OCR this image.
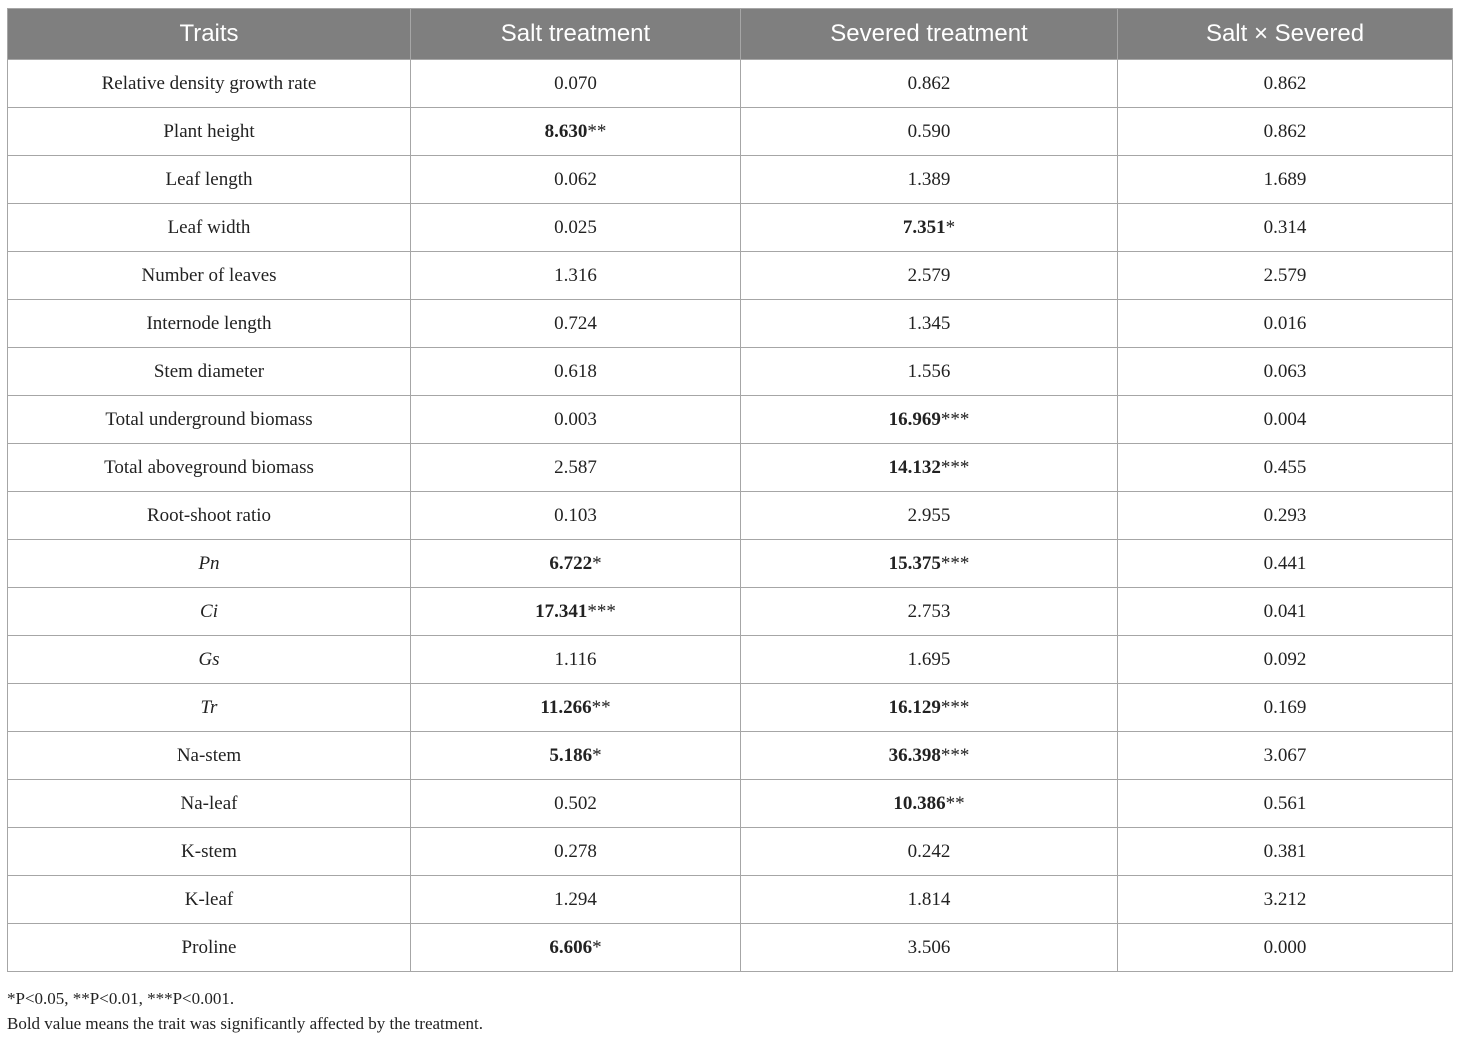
Traits	Salt treatment	Severed treatment	Salt × Severed
Relative density growth rate	0.070	0.862	0.862
Plant height	8.630**	0.590	0.862
Leaf length	0.062	1.389	1.689
Leaf width	0.025	7.351*	0.314
Number of leaves	1.316	2.579	2.579
Internode length	0.724	1.345	0.016
Stem diameter	0.618	1.556	0.063
Total underground biomass	0.003	16.969***	0.004
Total aboveground biomass	2.587	14.132***	0.455
Root-shoot ratio	0.103	2.955	0.293
Pn	6.722*	15.375***	0.441
Ci	17.341***	2.753	0.041
Gs	1.116	1.695	0.092
Tr	11.266**	16.129***	0.169
Na-stem	5.186*	36.398***	3.067
Na-leaf	0.502	10.386**	0.561
K-stem	0.278	0.242	0.381
K-leaf	1.294	1.814	3.212
Proline	6.606*	3.506	0.000
*P<0.05, **P<0.01, ***P<0.001.
Bold value means the trait was significantly affected by the treatment.
